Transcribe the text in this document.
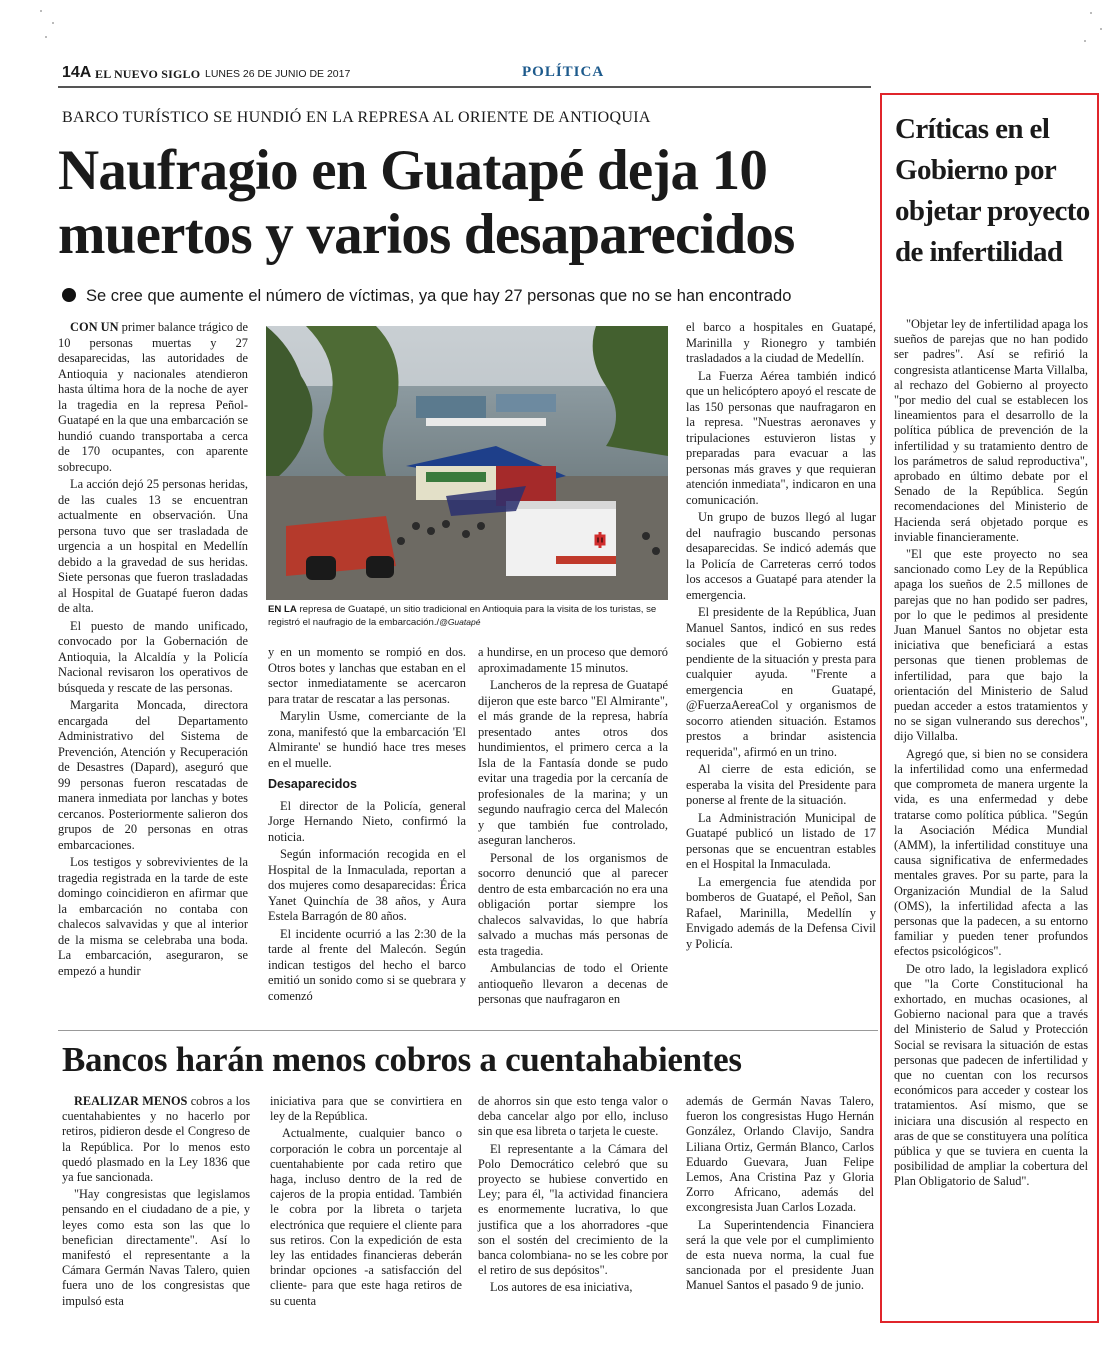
14A EL NUEVO SIGLO LUNES 26 DE JUNIO DE 2017	POLÍTICA
BARCO TURÍSTICO SE HUNDIÓ EN LA REPRESA AL ORIENTE DE ANTIOQUIA
Naufragio en Guatapé deja 10
muertos y varios desaparecidos
Se cree que aumente el número de víctimas, ya que hay 27 personas que no se han encontrado

CON UN primer balance trágico de 10 personas muertas y 27 desaparecidas, las autoridades de Antioquia y nacionales atendieron hasta última hora de la noche de ayer la tragedia en la represa Peñol-Guatapé en la que una embarcación se hundió cuando transportaba a cerca de 170 ocupantes, con aparente sobrecupo.

La acción dejó 25 personas heridas, de las cuales 13 se encuentran actualmente en observación. Una persona tuvo que ser trasladada de urgencia a un hospital en Medellín debido a la gravedad de sus heridas. Siete personas que fueron trasladadas al Hospital de Guatapé fueron dadas de alta.

El puesto de mando unificado, convocado por la Gobernación de Antioquia, la Alcaldía y la Policía Nacional revisaron los operativos de búsqueda y rescate de las personas.

Margarita Moncada, directora encargada del Departamento Administrativo del Sistema de Prevención, Atención y Recuperación de Desastres (Dapard), aseguró que 99 personas fueron rescatadas de manera inmediata por lanchas y botes cercanos. Posteriormente salieron dos grupos de 20 personas en otras embarcaciones.

Los testigos y sobrevivientes de la tragedia registrada en la tarde de este domingo coincidieron en afirmar que la embarcación no contaba con chalecos salvavidas y que al interior de la misma se celebraba una boda. La embarcación, aseguraron, se empezó a hundir

EN LA represa de Guatapé, un sitio tradicional en Antioquia para la visita de los turistas, se registró el naufragio de la embarcación./@Guatapé

y en un momento se rompió en dos. Otros botes y lanchas que estaban en el sector inmediatamente se acercaron para tratar de rescatar a las personas.

Marylin Usme, comerciante de la zona, manifestó que la embarcación 'El Almirante' se hundió hace tres meses en el muelle.

Desaparecidos

El director de la Policía, general Jorge Hernando Nieto, confirmó la noticia.

Según información recogida en el Hospital de la Inmaculada, reportan a dos mujeres como desaparecidas: Érica Yanet Quinchía de 38 años, y Aura Estela Barragón de 80 años.

El incidente ocurrió a las 2:30 de la tarde al frente del Malecón. Según indican testigos del hecho el barco emitió un sonido como si se quebrara y comenzó

a hundirse, en un proceso que demoró aproximadamente 15 minutos.

Lancheros de la represa de Guatapé dijeron que este barco "El Almirante", el más grande de la represa, habría presentado antes otros dos hundimientos, el primero cerca a la Isla de la Fantasía donde se pudo evitar una tragedia por la cercanía de profesionales de la marina; y un segundo naufragio cerca del Malecón y que también fue controlado, aseguran lancheros.

Personal de los organismos de socorro denunció que al parecer dentro de esta embarcación no era una obligación portar siempre los chalecos salvavidas, lo que habría salvado a muchas más personas de esta tragedia.

Ambulancias de todo el Oriente antioqueño llevaron a decenas de personas que naufragaron en

el barco a hospitales en Guatapé, Marinilla y Rionegro y también trasladados a la ciudad de Medellín.

La Fuerza Aérea también indicó que un helicóptero apoyó el rescate de las 150 personas que naufragaron en la represa. "Nuestras aeronaves y tripulaciones estuvieron listas y preparadas para evacuar a las personas más graves y que requieran atención inmediata", indicaron en una comunicación.

Un grupo de buzos llegó al lugar del naufragio buscando personas desaparecidas. Se indicó además que la Policía de Carreteras cerró todos los accesos a Guatapé para atender la emergencia.

El presidente de la República, Juan Manuel Santos, indicó en sus redes sociales que el Gobierno está pendiente de la situación y presta para cualquier ayuda. "Frente a emergencia en Guatapé, @FuerzaAereaCol y organismos de socorro atienden situación. Estamos prestos a brindar asistencia requerida", afirmó en un trino.

Al cierre de esta edición, se esperaba la visita del Presidente para ponerse al frente de la situación.

La Administración Municipal de Guatapé publicó un listado de 17 personas que se encuentran estables en el Hospital la Inmaculada.

La emergencia fue atendida por bomberos de Guatapé, el Peñol, San Rafael, Marinilla, Medellín y Envigado además de la Defensa Civil y Policía.

Bancos harán menos cobros a cuentahabientes

REALIZAR MENOS cobros a los cuentahabientes y no hacerlo por retiros, pidieron desde el Congreso de la República. Por lo menos esto quedó plasmado en la Ley 1836 que ya fue sancionada.

"Hay congresistas que legislamos pensando en el ciudadano de a pie, y leyes como esta son las que lo benefician directamente". Así lo manifestó el representante a la Cámara Germán Navas Talero, quien fuera uno de los congresistas que impulsó esta

iniciativa para que se convirtiera en ley de la República.

Actualmente, cualquier banco o corporación le cobra un porcentaje al cuentahabiente por cada retiro que haga, incluso dentro de la red de cajeros de la propia entidad. También le cobra por la libreta o tarjeta electrónica que requiere el cliente para sus retiros. Con la expedición de esta ley las entidades financieras deberán brindar opciones -a satisfacción del cliente- para que este haga retiros de su cuenta

de ahorros sin que esto tenga valor o deba cancelar algo por ello, incluso sin que esa libreta o tarjeta le cueste.

El representante a la Cámara del Polo Democrático celebró que su proyecto se hubiese convertido en Ley; para él, "la actividad financiera es enormemente lucrativa, lo que justifica que a los ahorradores -que son el sostén del crecimiento de la banca colombiana- no se les cobre por el retiro de sus depósitos".

Los autores de esa iniciativa,

además de Germán Navas Talero, fueron los congresistas Hugo Hernán González, Orlando Clavijo, Sandra Liliana Ortiz, Germán Blanco, Carlos Eduardo Guevara, Juan Felipe Lemos, Ana Cristina Paz y Gloria Zorro Africano, además del excongresista Juan Carlos Lozada.

La Superintendencia Financiera será la que vele por el cumplimiento de esta nueva norma, la cual fue sancionada por el presidente Juan Manuel Santos el pasado 9 de junio.

Críticas en el Gobierno por objetar proyecto de infertilidad

"Objetar ley de infertilidad apaga los sueños de parejas que no han podido ser padres". Así se refirió la congresista atlanticense Marta Villalba, al rechazo del Gobierno al proyecto "por medio del cual se establecen los lineamientos para el desarrollo de la política pública de prevención de la infertilidad y su tratamiento dentro de los parámetros de salud reproductiva", aprobado en último debate por el Senado de la República. Según recomendaciones del Ministerio de Hacienda será objetado porque es inviable financieramente.

"El que este proyecto no sea sancionado como Ley de la República apaga los sueños de 2.5 millones de parejas que no han podido ser padres, por lo que le pedimos al presidente Juan Manuel Santos no objetar esta iniciativa que beneficiará a estas personas que tienen problemas de infertilidad, para que bajo la orientación del Ministerio de Salud puedan acceder a estos tratamientos y no se sigan vulnerando sus derechos", dijo Villalba.

Agregó que, si bien no se considera la infertilidad como una enfermedad que comprometa de manera urgente la vida, es una enfermedad y debe tratarse como política pública. "Según la Asociación Médica Mundial (AMM), la infertilidad constituye una causa significativa de enfermedades mentales graves. Por su parte, para la Organización Mundial de la Salud (OMS), la infertilidad afecta a las personas que la padecen, a su entorno familiar y pueden tener profundos efectos psicológicos".

De otro lado, la legisladora explicó que "la Corte Constitucional ha exhortado, en muchas ocasiones, al Gobierno nacional para que a través del Ministerio de Salud y Protección Social se revisara la situación de estas personas que padecen de infertilidad y que no cuentan con los recursos económicos para acceder y costear los tratamientos. Así mismo, que se iniciara una discusión al respecto en aras de que se constituyera una política pública y que se tuviera en cuenta la posibilidad de ampliar la cobertura del Plan Obligatorio de Salud".
